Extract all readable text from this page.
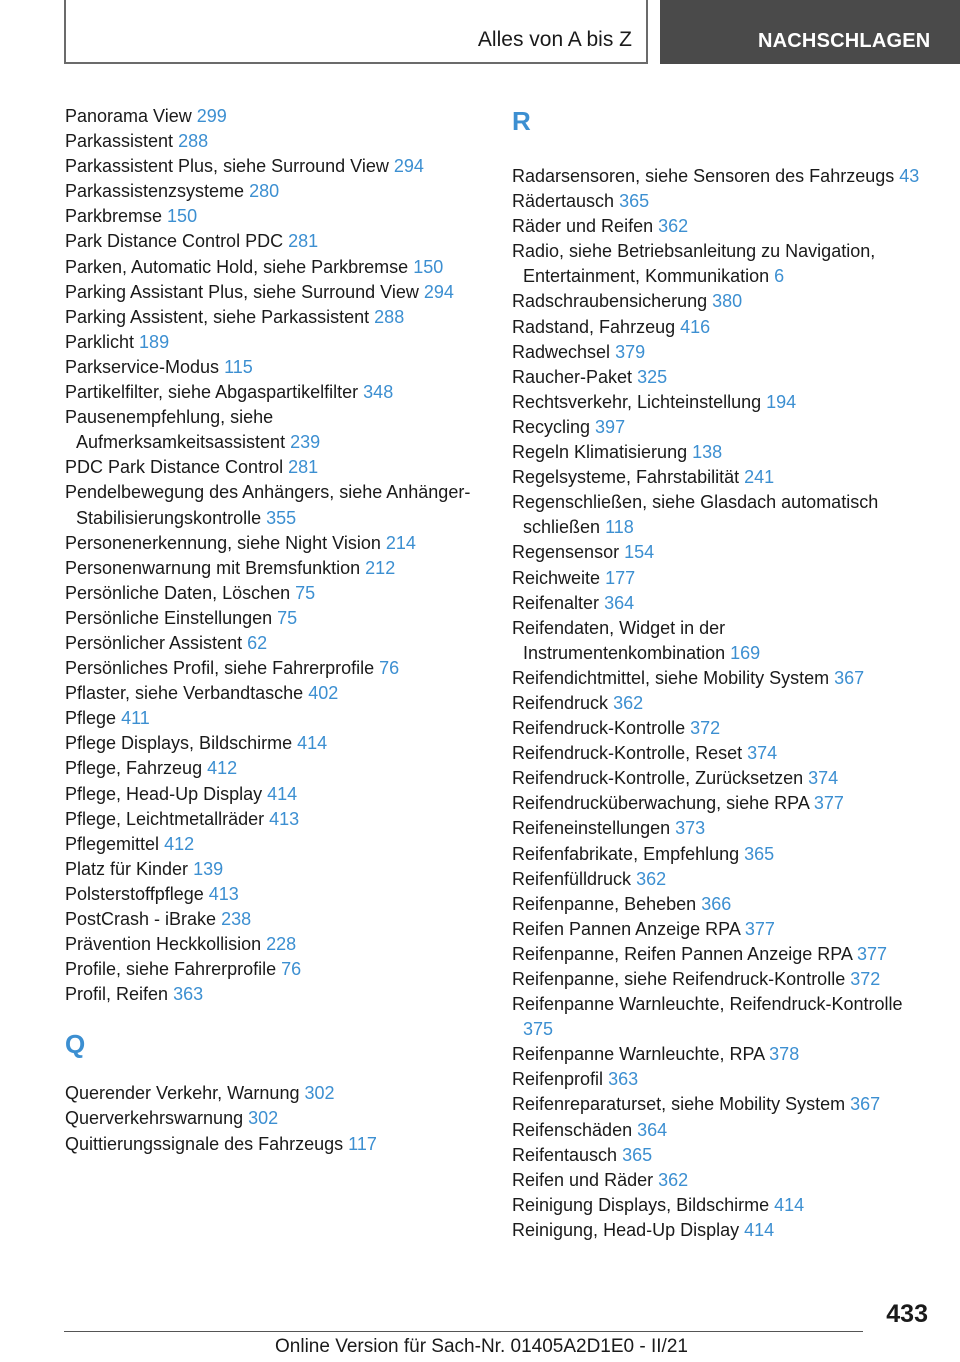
Alles von A bis Z	NACHSCHLAGEN
Panorama View 299
Parkassistent 288
Parkassistent Plus, siehe Surround View 294
Parkassistenzsysteme 280
Parkbremse 150
Park Distance Control PDC 281
Parken, Automatic Hold, siehe Parkbremse 150
Parking Assistant Plus, siehe Surround View 294
Parking Assistent, siehe Parkassistent 288
Parklicht 189
Parkservice-Modus 115
Partikelfilter, siehe Abgaspartikelfilter 348
Pausenempfehlung, siehe Aufmerksamkeitsassistent 239
PDC Park Distance Control 281
Pendelbewegung des Anhängers, siehe Anhänger-Stabilisierungskontrolle 355
Personenerkennung, siehe Night Vision 214
Personenwarnung mit Bremsfunktion 212
Persönliche Daten, Löschen 75
Persönliche Einstellungen 75
Persönlicher Assistent 62
Persönliches Profil, siehe Fahrerprofile 76
Pflaster, siehe Verbandtasche 402
Pflege 411
Pflege Displays, Bildschirme 414
Pflege, Fahrzeug 412
Pflege, Head-Up Display 414
Pflege, Leichtmetallräder 413
Pflegemittel 412
Platz für Kinder 139
Polsterstoffpflege 413
PostCrash - iBrake 238
Prävention Heckkollision 228
Profile, siehe Fahrerprofile 76
Profil, Reifen 363
Q
Querender Verkehr, Warnung 302
Querverkehrswarnung 302
Quittierungssignale des Fahrzeugs 117
R
Radarsensoren, siehe Sensoren des Fahrzeugs 43
Rädertausch 365
Räder und Reifen 362
Radio, siehe Betriebsanleitung zu Navigation, Entertainment, Kommunikation 6
Radschraubensicherung 380
Radstand, Fahrzeug 416
Radwechsel 379
Raucher-Paket 325
Rechtsverkehr, Lichteinstellung 194
Recycling 397
Regeln Klimatisierung 138
Regelsysteme, Fahrstabilität 241
Regenschließen, siehe Glasdach automatisch schließen 118
Regensensor 154
Reichweite 177
Reifenalter 364
Reifendaten, Widget in der Instrumentenkombination 169
Reifendichtmittel, siehe Mobility System 367
Reifendruck 362
Reifendruck-Kontrolle 372
Reifendruck-Kontrolle, Reset 374
Reifendruck-Kontrolle, Zurücksetzen 374
Reifendrucküberwachung, siehe RPA 377
Reifeneinstellungen 373
Reifenfabrikate, Empfehlung 365
Reifenfülldruck 362
Reifenpanne, Beheben 366
Reifen Pannen Anzeige RPA 377
Reifenpanne, Reifen Pannen Anzeige RPA 377
Reifenpanne, siehe Reifendruck-Kontrolle 372
Reifenpanne Warnleuchte, Reifendruck-Kontrolle 375
Reifenpanne Warnleuchte, RPA 378
Reifenprofil 363
Reifenreparaturset, siehe Mobility System 367
Reifenschäden 364
Reifentausch 365
Reifen und Räder 362
Reinigung Displays, Bildschirme 414
Reinigung, Head-Up Display 414
433
Online Version für Sach-Nr. 01405A2D1E0 - II/21
